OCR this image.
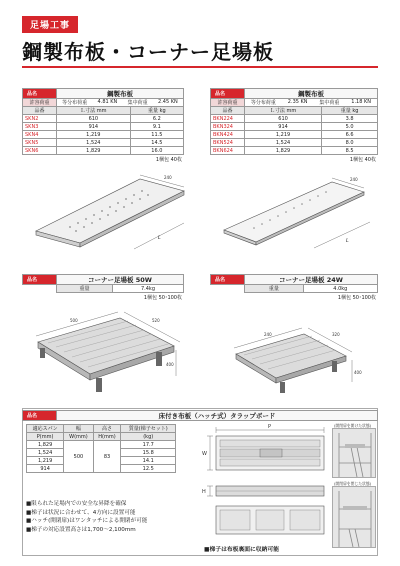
足場工事
鋼製布板・コーナー足場板
品名	鋼製布板	
許容荷重	等分布荷重 4.81 KN 集中荷重 2.45 KN	

品番	Ｌ寸法 mm	重量 kg
SKN2	610	6.2
SKN3	914	9.1
SKN4	1,219	11.5
SKN5	1,524	14.5
SKN6	1,829	16.0
1梱包 40枚
240
L
品名	鋼製布板	
許容荷重	等分布荷重 2.35 KN 集中荷重 1.18 KN	

品番	Ｌ寸法 mm	重量 kg
BKN224	610	3.8
BKN324	914	5.0
BKN424	1,219	6.6
BKN524	1,524	8.0
BKN624	1,829	8.5
1梱包 40枚
240
L
品名	コーナー足場板 50W	
	重量	7.4kg
1梱包 50･100枚
500	520
400
品名	コーナー足場板 24W	
	重量	4.0kg
1梱包 50･100枚
240	320
400
品名	床付き布板（ハッチ式）タラップボード
適応スパン	幅	高さ	質量(梯子セット)
P(mm)	W(mm)	H(mm)	(kg)
1,829	500	83	17.7
1,524			15.8
1,219			14.1
914			12.5
■限られた足場内での安全な昇降を確保
■梯子は状況に合わせて、4方向に設置可能
■ハッチ(開閉扉)はワンタッチによる開閉が可能
■梯子の対応設置高さは1,700～2,100mm
P
W
H
(開閉扉を開けた状態)
(開閉扉を閉じた状態)
■梯子は布板裏面に収納可能
